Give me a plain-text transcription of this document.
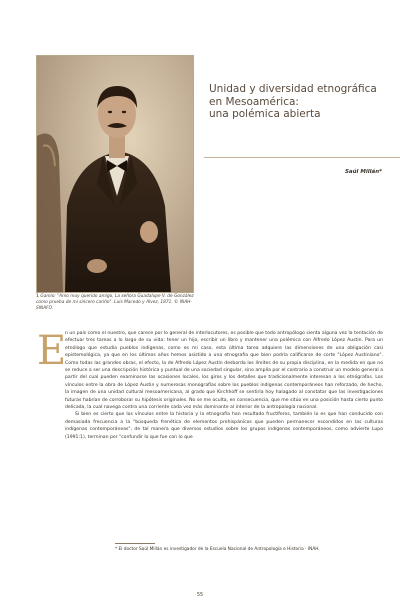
1 Gamio: "Amo muy querido amigo, La señora Guadalupe V. de González como prueba de mi sincero cariño". Luis Macedo y Alvez, 1871. © INAH-SINAFO.
Unidad y diversidad etnográfica
en Mesoamérica:
una polémica abierta
Saúl Millán*
E

n un país como el nuestro, que carece por lo general de interlocutores, es posible que todo antropólogo sienta alguna vez la tentación de efectuar tres tareas a lo largo de su vida: tener un hijo, escribir un libro y mantener una polémica con Alfredo López Austin. Para un etnólogo que estudia pueblos indígenas, como es mi caso, esta última tarea adquiere las dimensiones de una obligación casi epistemológica, ya que en los últimos años hemos asistido a una etnografía que bien podría calificarse de corte "López Austiniano". Como todas las grandes obras, el efecto, la de Alfredo López Austin desborda los límites de su propia disciplina, en la medida en que no se reduce a ser una descripción histórica y puntual de una sociedad singular, sino amplía por el contrario a construir un modelo general a partir del cual pueden examinarse las ocasiones locales, los giros y los detalles que tradicionalmente interesan a los etnógrafos. Los vínculos entre la obra de López Austin y numerosas monografías sobre los pueblos indígenas contemporáneos han reforzado, de hecho, la imagen de una unidad cultural mesoamericana, al grado que Kirchhoff se sentiría hoy halagado al constatar que las investigaciones futuras habrían de corroborar su hipótesis originales. No se me oculta, en consecuencia, que me sitúo en una posición hasta cierto punto delicada, la cual navega contra una corriente cada vez más dominante al interior de la antropología nacional.

Si bien es cierto que los vínculos entre la historia y la etnografía han resultado fructíferos, también lo es que han conducido con demasiada frecuencia a la "búsqueda frenética de elementos prehispánicos que pueden permanecer escondidos en las culturas indígenas contemporáneas", de tal manera que diversos estudios sobre los grupos indígenas contemporáneos, como advierte Lupo (1991:1), terminan por "confundir lo que fue con lo que

* El doctor Saúl Millán es investigador de la Escuela Nacional de Antropología e Historia · INAH.
55
